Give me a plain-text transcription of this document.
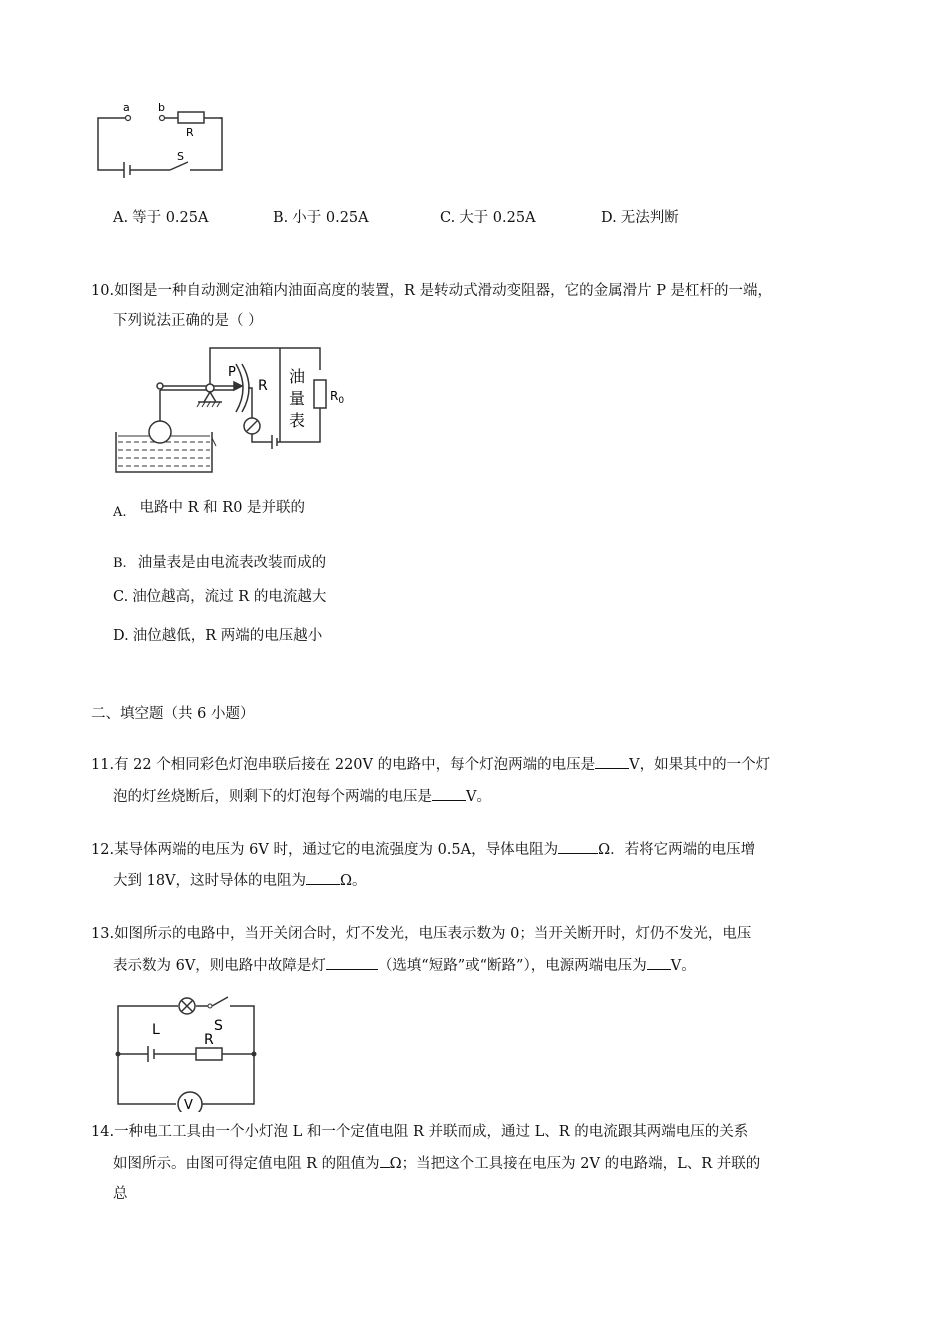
a	b
R
S
A. 等于 0.25A	B. 小于 0.25A	C. 大于 0.25A	D. 无法判断
10.如图是一种自动测定油箱内油面高度的装置，R 是转动式滑动变阻器，它的金属滑片 P 是杠杆的一端，
下列说法正确的是（ ）
P
R 油
量
表
$R_0$
A. 电路中 R 和 R0 是并联的
B. 油量表是由电流表改装而成的
C. 油位越高，流过 R 的电流越大
D. 油位越低，R 两端的电压越小
二、填空题（共 6 小题）
11.有 22 个相同彩色灯泡串联后接在 220V 的电路中，每个灯泡两端的电压是 V，如果其中的一个灯
泡的灯丝烧断后，则剩下的灯泡每个两端的电压是 V。
12.某导体两端的电压为 6V 时，通过它的电流强度为 0.5A，导体电阻为	Ω．若将它两端的电压增
大到 18V，这时导体的电阻为 Ω。
13.如图所示的电路中，当开关闭合时，灯不发光，电压表示数为 0；当开关断开时，灯仍不发光，电压
表示数为 6V，则电路中故障是灯	（选填“短路”或“断路”），电源两端电压为 V。
L	S
R
V
14.一种电工工具由一个小灯泡 L 和一个定值电阻 R 并联而成，通过 L、R 的电流跟其两端电压的关系
如图所示。由图可得定值电阻 R 的阻值为 Ω；当把这个工具接在电压为 2V 的电路端，L、R 并联的
总
